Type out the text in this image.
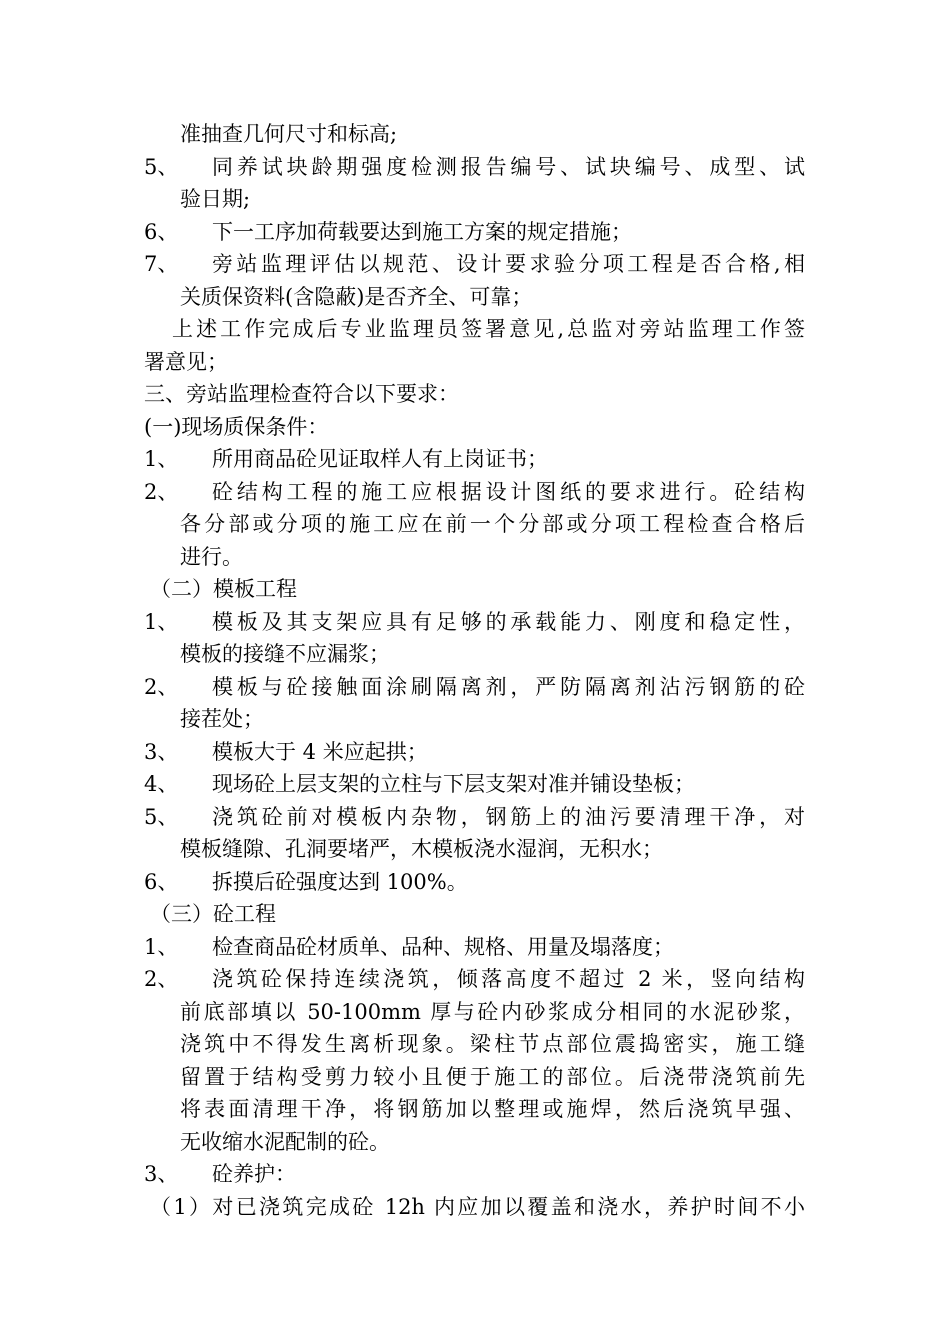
准抽查几何尺寸和标高;
5、 同养试块龄期强度检测报告编号、试块编号、成型、试
验日期;
6、 下一工序加荷载要达到施工方案的规定措施；
7、 旁站监理评估以规范、设计要求验分项工程是否合格,相
关质保资料(含隐蔽)是否齐全、可靠；
上述工作完成后专业监理员签署意见,总监对旁站监理工作签
署意见；
三、旁站监理检查符合以下要求：
(一)现场质保条件：
1、 所用商品砼见证取样人有上岗证书；
2、 砼结构工程的施工应根据设计图纸的要求进行。砼结构
各分部或分项的施工应在前一个分部或分项工程检查合格后
进行。
（二）模板工程
1、 模板及其支架应具有足够的承载能力、刚度和稳定性，
模板的接缝不应漏浆；
2、 模板与砼接触面涂刷隔离剂，严防隔离剂沾污钢筋的砼
接茬处；
3、 模板大于 4 米应起拱；
4、 现场砼上层支架的立柱与下层支架对准并铺设垫板；
5、 浇筑砼前对模板内杂物，钢筋上的油污要清理干净，对
模板缝隙、孔洞要堵严，木模板浇水湿润，无积水；
6、 拆摸后砼强度达到 100%。
（三）砼工程
1、 检查商品砼材质单、品种、规格、用量及塌落度；
2、 浇筑砼保持连续浇筑，倾落高度不超过 2 米，竖向结构
前底部填以 50-100mm 厚与砼内砂浆成分相同的水泥砂浆，
浇筑中不得发生离析现象。梁柱节点部位震捣密实，施工缝
留置于结构受剪力较小且便于施工的部位。后浇带浇筑前先
将表面清理干净，将钢筋加以整理或施焊，然后浇筑早强、
无收缩水泥配制的砼。
3、 砼养护：
（1）对已浇筑完成砼 12h 内应加以覆盖和浇水，养护时间不小
